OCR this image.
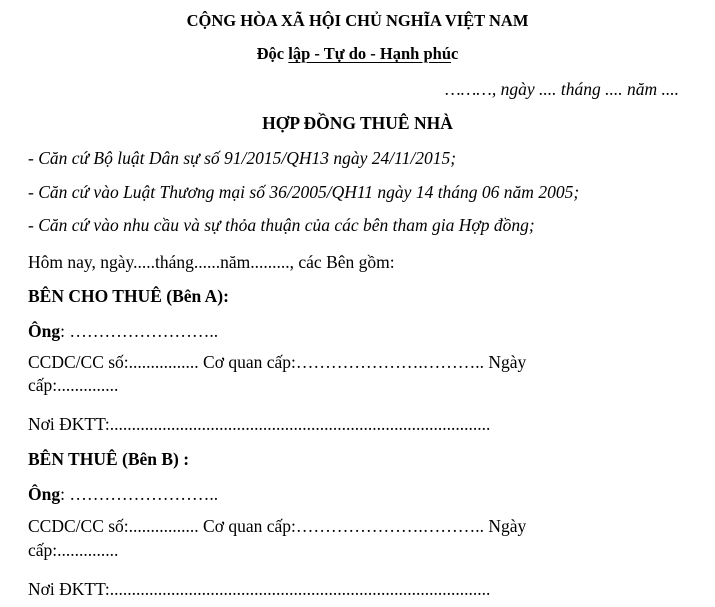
CỘNG HÒA XÃ HỘI CHỦ NGHĨA VIỆT NAM
Độc lập - Tự do - Hạnh phúc
………, ngày .... tháng .... năm ....
HỢP ĐỒNG THUÊ NHÀ
- Căn cứ Bộ luật Dân sự số 91/2015/QH13 ngày 24/11/2015;
- Căn cứ vào Luật Thương mại số 36/2005/QH11 ngày 14 tháng 06 năm 2005;
- Căn cứ vào nhu cầu và sự thỏa thuận của các bên tham gia Hợp đồng;
Hôm nay, ngày.....tháng......năm........., các Bên gồm:
BÊN CHO THUÊ (Bên A):
Ông: ……………………..
CCDC/CC số:................ Cơ quan cấp:………………….……….. Ngày
cấp:..............
Nơi ĐKTT:.......................................................................................
BÊN THUÊ (Bên B) :
Ông: ……………………..
CCDC/CC số:................ Cơ quan cấp:………………….……….. Ngày
cấp:..............
Nơi ĐKTT:.......................................................................................
